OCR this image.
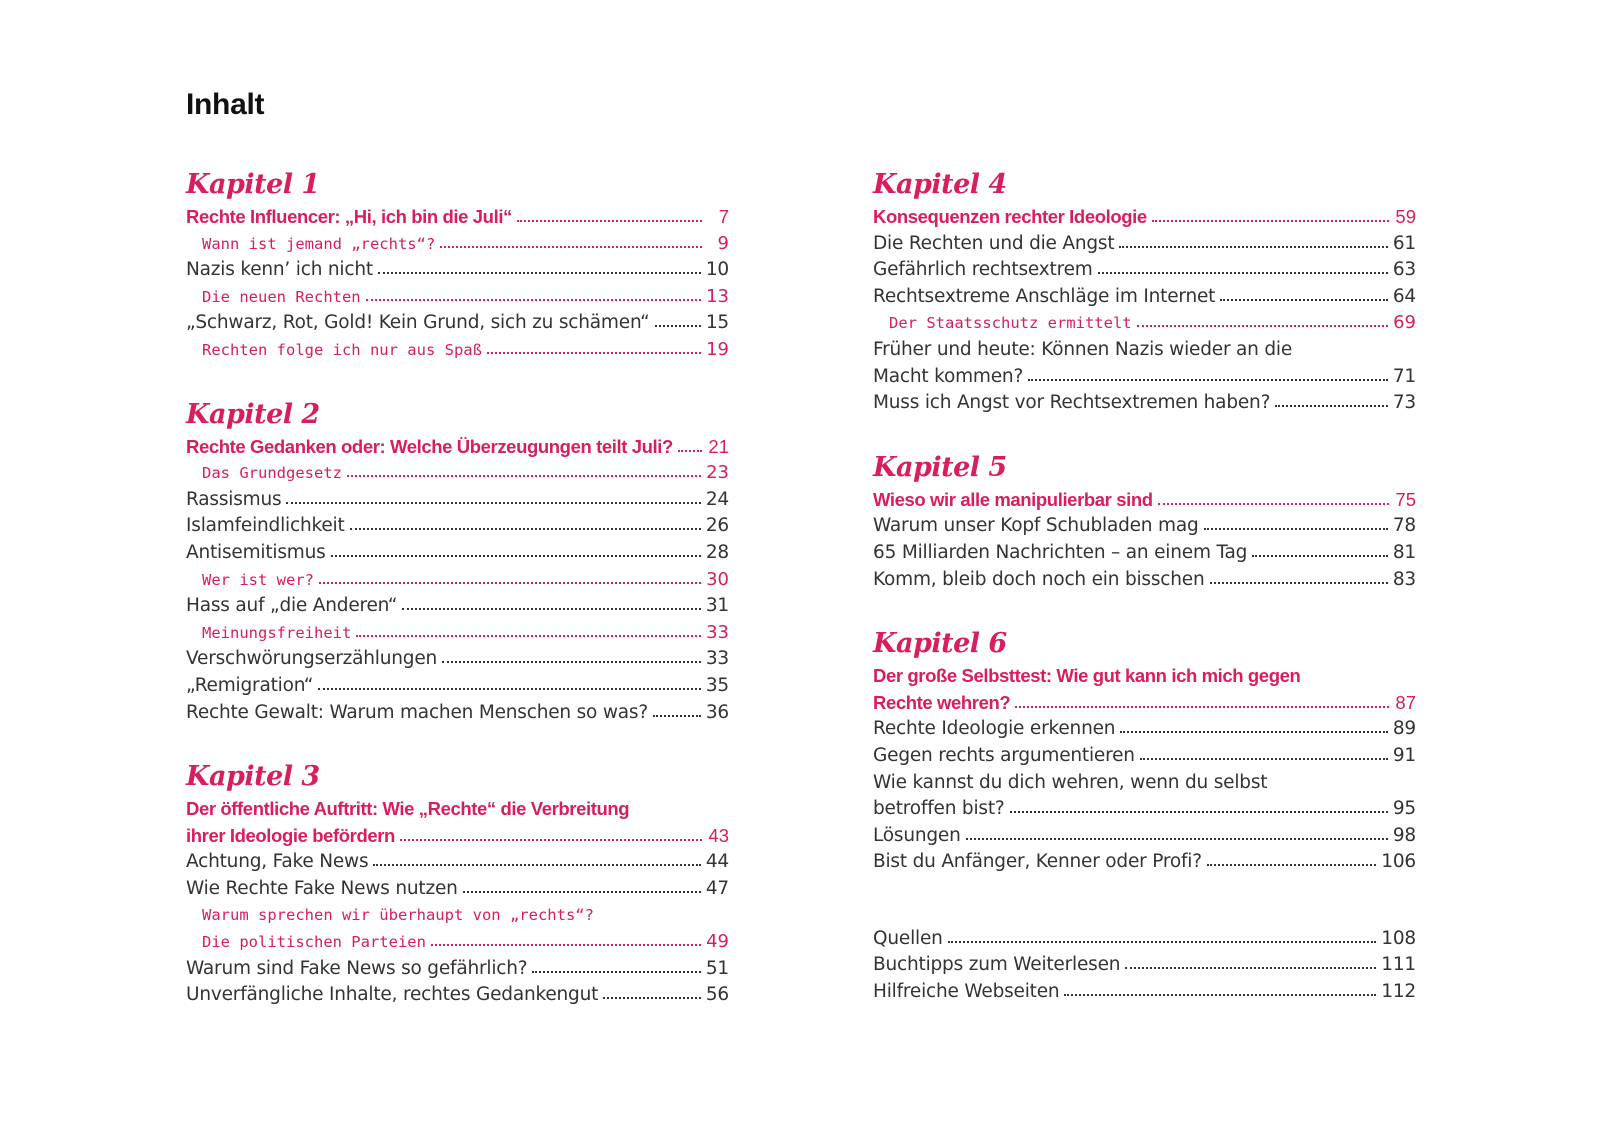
Inhalt
Kapitel 1
Rechte Influencer: „Hi, ich bin die Juli“	7
Wann ist jemand „rechts“?	9
Nazis kenn’ ich nicht	10
Die neuen Rechten	13
„Schwarz, Rot, Gold! Kein Grund, sich zu schämen“	15
Rechten folge ich nur aus Spaß	19
Kapitel 2
Rechte Gedanken oder: Welche Überzeugungen teilt Juli? 21
Das Grundgesetz	23
Rassismus	24
Islamfeindlichkeit	26
Antisemitismus	28
Wer ist wer?	30
Hass auf „die Anderen“	31
Meinungsfreiheit	33
Verschwörungserzählungen	33
„Remigration“	35
Rechte Gewalt: Warum machen Menschen so was?	36
Kapitel 3
Der öffentliche Auftritt: Wie „Rechte“ die Verbreitung
ihrer Ideologie befördern	43
Achtung, Fake News	44
Wie Rechte Fake News nutzen	47
Warum sprechen wir überhaupt von „rechts“?
Die politischen Parteien	49
Warum sind Fake News so gefährlich?	51
Unverfängliche Inhalte, rechtes Gedankengut	56
Kapitel 4
Konsequenzen rechter Ideologie	59
Die Rechten und die Angst	61
Gefährlich rechtsextrem	63
Rechtsextreme Anschläge im Internet	64
Der Staatsschutz ermittelt	69
Früher und heute: Können Nazis wieder an die
Macht kommen?	71
Muss ich Angst vor Rechtsextremen haben?	73
Kapitel 5
Wieso wir alle manipulierbar sind	75
Warum unser Kopf Schubladen mag	78
65 Milliarden Nachrichten – an einem Tag	81
Komm, bleib doch noch ein bisschen	83
Kapitel 6
Der große Selbsttest: Wie gut kann ich mich gegen
Rechte wehren?	87
Rechte Ideologie erkennen	89
Gegen rechts argumentieren	91
Wie kannst du dich wehren, wenn du selbst
betroffen bist?	95
Lösungen	98
Bist du Anfänger, Kenner oder Profi?	106
Quellen	108
Buchtipps zum Weiterlesen	111
Hilfreiche Webseiten	112
